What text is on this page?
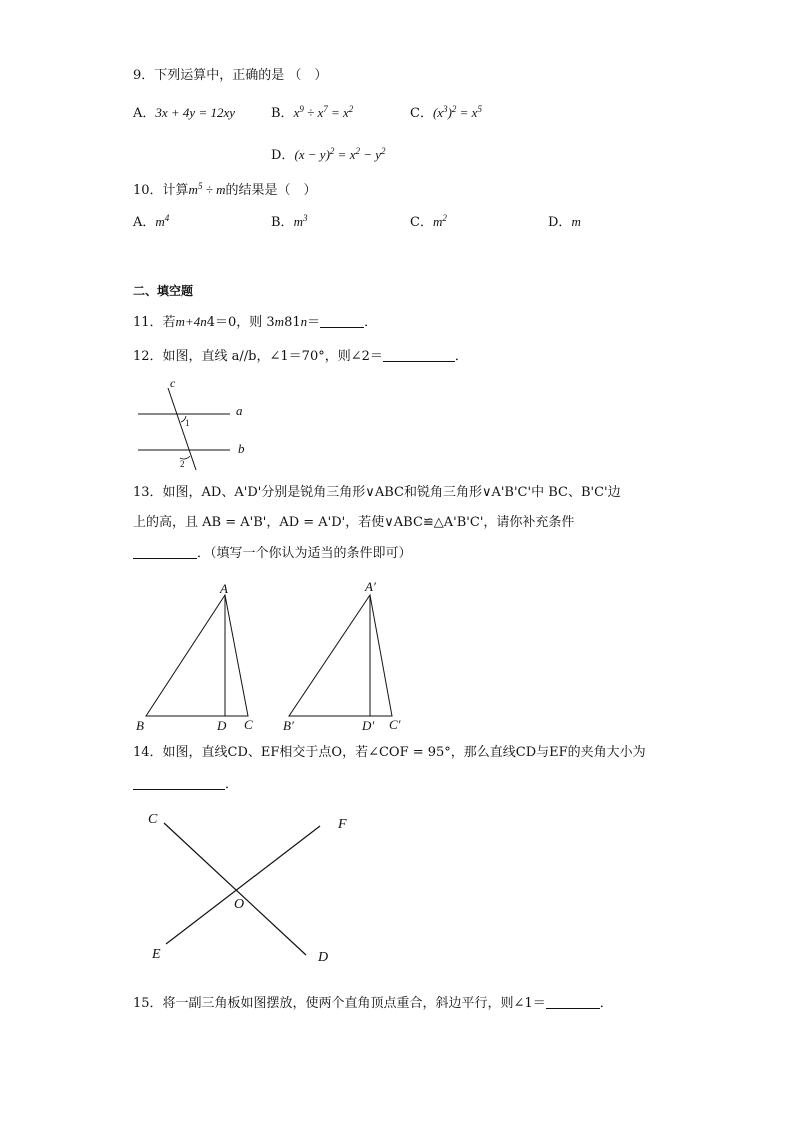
9．下列运算中，正确的是 （　）
A．3x + 4y = 12xy	B．$x^9 \div x^7 = x^2$	C．$(x^3)^2 = x^5$
D．$(x - y)^2 = x^2 - y^2$
10．计算$m^5 \div m$的结果是（　）
A．$m^4$	B．$m^3$	C．$m^2$	D．m
二、填空题
11．若m+4n4＝0，则 3m81n＝	．
12．如图，直线 a//b，∠1＝70°，则∠2＝	．
c
a
b
1
2
13．如图，AD、A'D'分别是锐角三角形∨ABC和锐角三角形∨A'B'C'中 BC、B'C'边
上的高，且 AB = A'B'，AD = A'D'，若使∨ABC≌△A'B'C'，请你补充条件
．（填写一个你认为适当的条件即可）
A
B	D C
A′
B′	D′ C′
14．如图，直线CD、EF相交于点O，若∠COF = 95°，那么直线CD与EF的夹角大小为
．
C	F
E	D
O
15．将一副三角板如图摆放，使两个直角顶点重合，斜边平行，则∠1＝	．
